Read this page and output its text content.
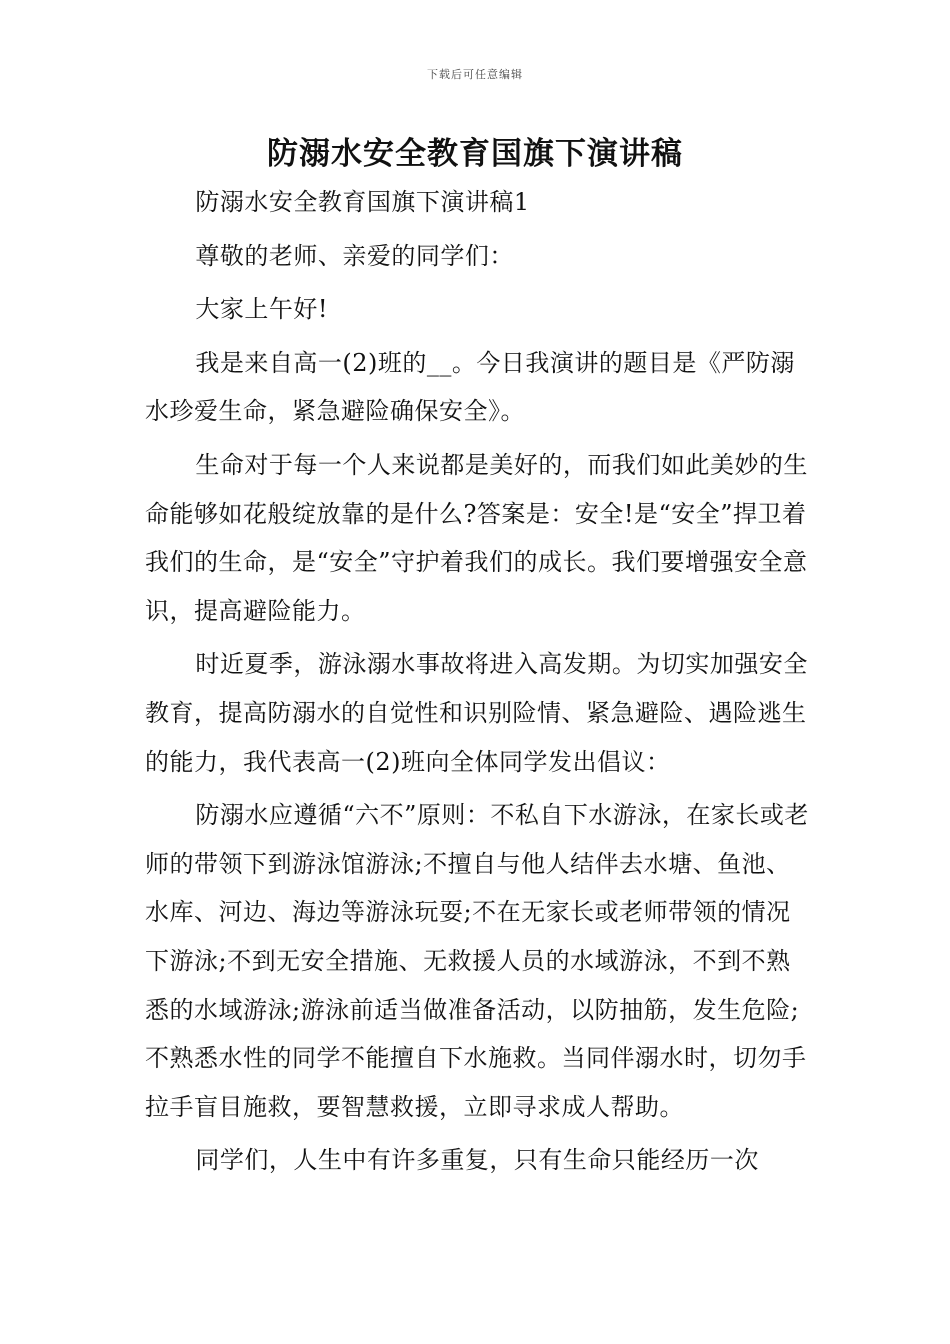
下载后可任意编辑
防溺水安全教育国旗下演讲稿

防溺水安全教育国旗下演讲稿1

尊敬的老师、亲爱的同学们：

大家上午好!

我是来自高一(2)班的__。今日我演讲的题目是《严防溺水珍爱生命，紧急避险确保安全》。

生命对于每一个人来说都是美好的，而我们如此美妙的生命能够如花般绽放靠的是什么?答案是：安全!是“安全”捍卫着我们的生命，是“安全”守护着我们的成长。我们要增强安全意识，提高避险能力。

时近夏季，游泳溺水事故将进入高发期。为切实加强安全教育，提高防溺水的自觉性和识别险情、紧急避险、遇险逃生的能力，我代表高一(2)班向全体同学发出倡议：

防溺水应遵循“六不”原则：不私自下水游泳，在家长或老师的带领下到游泳馆游泳;不擅自与他人结伴去水塘、鱼池、水库、河边、海边等游泳玩耍;不在无家长或老师带领的情况下游泳;不到无安全措施、无救援人员的水域游泳，不到不熟悉的水域游泳;游泳前适当做准备活动，以防抽筋，发生危险;不熟悉水性的同学不能擅自下水施救。当同伴溺水时，切勿手拉手盲目施救，要智慧救援，立即寻求成人帮助。

同学们，人生中有许多重复，只有生命只能经历一次
